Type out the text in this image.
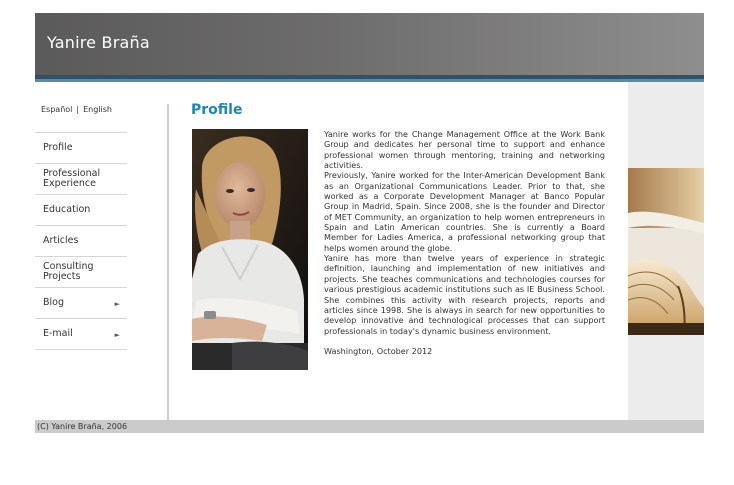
Yanire Braña
Español | English
Profile
Professional Experience
Education
Articles
Consulting Projects
Blog	►
E-mail	►
Profile

Yanire works for the Change Management Office at the Work Bank Group and dedicates her personal time to support and enhance professional women through mentoring, training and networking activities.

Previously, Yanire worked for the Inter-American Development Bank as an Organizational Communications Leader. Prior to that, she worked as a Corporate Development Manager at Banco Popular Group in Madrid, Spain. Since 2008, she is the founder and Director of MET Community, an organization to help women entrepreneurs in Spain and Latin American countries. She is currently a Board Member for Ladies America, a professional networking group that helps women around the globe.

Yanire has more than twelve years of experience in strategic definition, launching and implementation of new initiatives and projects. She teaches communications and technologies courses for various prestigious academic institutions such as IE Business School. She combines this activity with research projects, reports and articles since 1998. She is always in search for new opportunities to develop innovative and technological processes that can support professionals in today's dynamic business environment.

Washington, October 2012

(C) Yanire Braña, 2006
